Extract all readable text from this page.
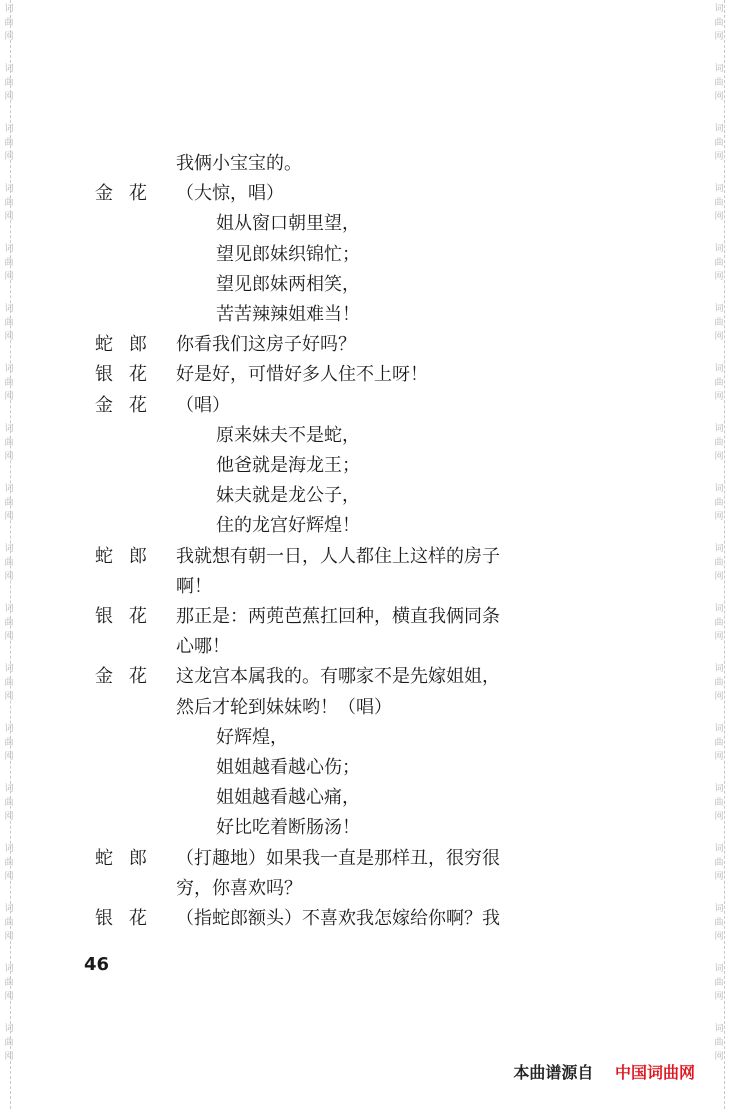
词
曲
网
词
曲
网
词
曲
网
词
曲
网
词
曲
网
词
曲
网
词
曲
网
词
曲
网
词
曲
网
词
曲
网
词
曲
网
词
曲
网
词
曲
网
词
曲
网
词
曲
网
词
曲
网
词
曲
网
词
曲
网
词
曲
网
词
曲
网
词
曲
网
词
曲
网
词
曲
网
词
曲
网
词
曲
网
词
曲
网
词
曲
网
词
曲
网
词
曲
网
词
曲
网
词
曲
网
词
曲
网
词
曲
网
词
曲
网
词
曲
网
词
曲
网
我俩小宝宝的。
金花 （大惊，唱）
姐从窗口朝里望，
望见郎妹织锦忙；
望见郎妹两相笑，
苦苦辣辣姐难当！
蛇郎 你看我们这房子好吗？
银花 好是好，可惜好多人住不上呀！
金花 （唱）
原来妹夫不是蛇，
他爸就是海龙王；
妹夫就是龙公子，
住的龙宫好辉煌！
蛇郎 我就想有朝一日，人人都住上这样的房子
啊！
银花 那正是：两蔸芭蕉扛回种，横直我俩同条
心哪！
金花 这龙宫本属我的。有哪家不是先嫁姐姐，
然后才轮到妹妹哟！（唱）
好辉煌，
姐姐越看越心伤；
姐姐越看越心痛，
好比吃着断肠汤！
蛇郎 （打趣地）如果我一直是那样丑，很穷很
穷，你喜欢吗？
银花 （指蛇郎额头）不喜欢我怎嫁给你啊？我
46
本曲谱源自 中国词曲网
